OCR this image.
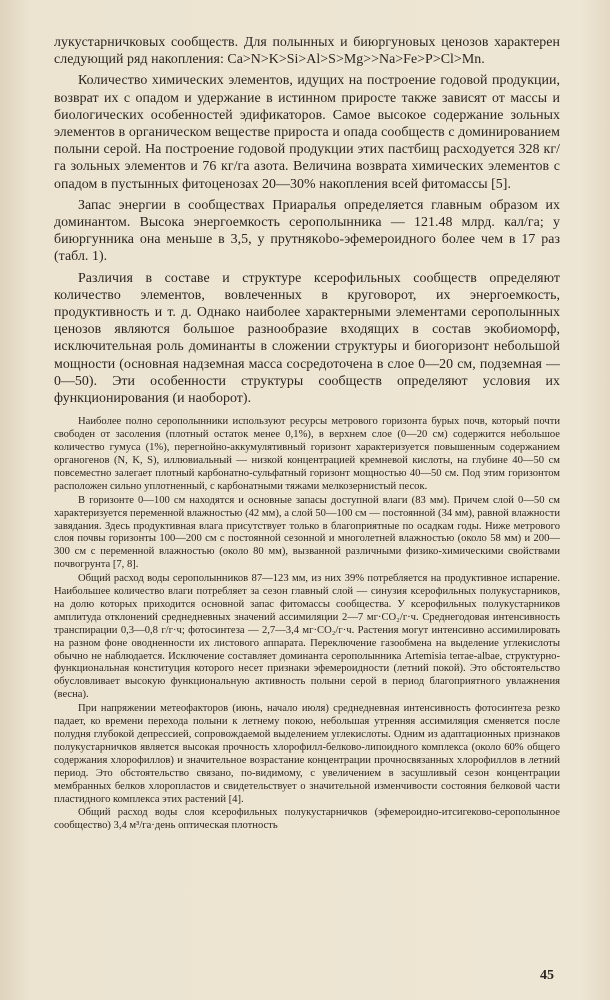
лукустарничковых сообществ. Для полынных и биюргуновых ценозов характерен следующий ряд накопления: Ca>N>K>Si>Al>S>Mg>>Na>Fe>P>Cl>Mn.

Количество химических элементов, идущих на построение годовой продукции, возврат их с опадом и удержание в истинном приросте также зависят от массы и биологических особенностей эдификаторов. Самое высокое содержание зольных элементов в органическом веществе прироста и опада сообществ с доминированием полыни серой. На построение годовой продукции этих пастбищ расходуется 328 кг/га зольных элементов и 76 кг/га азота. Величина возврата химических элементов с опадом в пустынных фитоценозах 20—30% накопления всей фитомассы [5].

Запас энергии в сообществах Приаралья определяется главным образом их доминантом. Высока энергоемкость серополынника — 121.48 млрд. кал/га; у биюргунника она меньше в 3,5, у прутнякobo-эфемероидного более чем в 17 раз (табл. 1).

Различия в составе и структуре ксерофильных сообществ определяют количество элементов, вовлеченных в круговорот, их энергоемкость, продуктивность и т. д. Однако наиболее характерными элементами серополынных ценозов являются большое разнообразие входящих в состав экобиоморф, исключительная роль доминанты в сложении структуры и биогоризонт небольшой мощности (основная надземная масса сосредоточена в слое 0—20 см, подземная — 0—50). Эти особенности структуры сообществ определяют условия их функционирования (и наоборот).

Наиболее полно серополынники используют ресурсы метрового горизонта бурых почв, который почти свободен от засоления (плотный остаток менее 0,1%), в верхнем слое (0—20 см) содержится небольшое количество гумуса (1%), перегнойно-аккумулятивный горизонт характеризуется повышенным содержанием органогенов (N, K, S), иллювиальный — низкой концентрацией кремневой кислоты, на глубине 40—50 см повсеместно залегает плотный карбонатно-сульфатный горизонт мощностью 40—50 см. Под этим горизонтом расположен сильно уплотненный, с карбонатными тяжами мелкозернистый песок.

В горизонте 0—100 см находятся и основные запасы доступной влаги (83 мм). Причем слой 0—50 см характеризуется переменной влажностью (42 мм), а слой 50—100 см — постоянной (34 мм), равной влажности завядания. Здесь продуктивная влага присутствует только в благоприятные по осадкам годы. Ниже метрового слоя почвы горизонты 100—200 см с постоянной сезонной и многолетней влажностью (около 58 мм) и 200—300 см с переменной влажностью (около 80 мм), вызванной различными физико-химическими свойствами почвогрунта [7, 8].

Общий расход воды серополынников 87—123 мм, из них 39% потребляется на продуктивное испарение. Наибольшее количество влаги потребляет за сезон главный слой — синузия ксерофильных полукустарников, на долю которых приходится основной запас фитомассы сообщества. У ксерофильных полукустарников амплитуда отклонений среднедневных значений ассимиляции 2—7 мг·CO₂/г·ч. Среднегодовая интенсивность транспирации 0,3—0,8 г/г·ч; фотосинтеза — 2,7—3,4 мг·CO₂/г·ч. Растения могут интенсивно ассимилировать на разном фоне оводненности их листового аппарата. Переключение газообмена на выделение углекислоты обычно не наблюдается. Исключение составляет доминанта серополынника Artemisia terrae-albae, структурно-функциональная конституция которого несет признаки эфемероидности (летний покой). Это обстоятельство обусловливает высокую функциональную активность полыни серой в период благоприятного увлажнения (весна).

При напряжении метеофакторов (июнь, начало июля) среднедневная интенсивность фотосинтеза резко падает, ко времени перехода полыни к летнему покою, небольшая утренняя ассимиляция сменяется после полудня глубокой депрессией, сопровождаемой выделением углекислоты. Одним из адаптационных признаков полукустарничков является высокая прочность хлорофилл-белково-липоидного комплекса (около 60% общего содержания хлорофиллов) и значительное возрастание концентрации прочносвязанных хлорофиллов в летний период. Это обстоятельство связано, по-видимому, с увеличением в засушливый сезон концентрации мембранных белков хлоропластов и свидетельствует о значительной изменчивости состояния белковой части пластидного комплекса этих растений [4].

Общий расход воды слоя ксерофильных полукустарничков (эфемероидно-итсигеково-серополынное сообщество) 3,4 м³/га·день оптическая плотность

45
